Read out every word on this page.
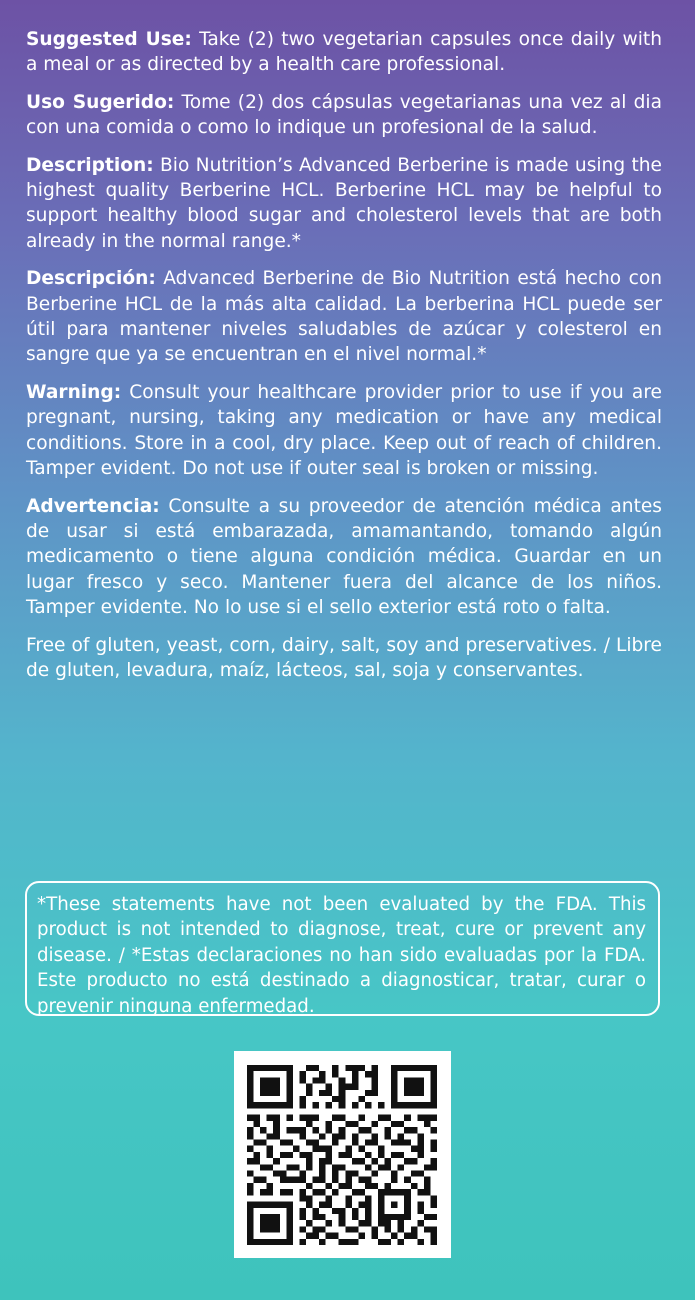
Suggested Use: Take (2) two vegetarian capsules once daily with a meal or as directed by a health care professional.

Uso Sugerido: Tome (2) dos cápsulas vegetarianas una vez al dia con una comida o como lo indique un profesional de la salud.

Description: Bio Nutrition’s Advanced Berberine is made using the highest quality Berberine HCL. Berberine HCL may be helpful to support healthy blood sugar and cholesterol levels that are both already in the normal range.*

Descripción: Advanced Berberine de Bio Nutrition está hecho con Berberine HCL de la más alta calidad. La berberina HCL puede ser útil para mantener niveles saludables de azúcar y colesterol en sangre que ya se encuentran en el nivel normal.*

Warning: Consult your healthcare provider prior to use if you are pregnant, nursing, taking any medication or have any medical conditions. Store in a cool, dry place. Keep out of reach of children. Tamper evident. Do not use if outer seal is broken or missing.

Advertencia: Consulte a su proveedor de atención médica antes de usar si está embarazada, amamantando, tomando algún medicamento o tiene alguna condición médica. Guardar en un lugar fresco y seco. Mantener fuera del alcance de los niños. Tamper evidente. No lo use si el sello exterior está roto o falta.

Free of gluten, yeast, corn, dairy, salt, soy and preservatives. / Libre de gluten, levadura, maíz, lácteos, sal, soja y conservantes.

*These statements have not been evaluated by the FDA. This product is not intended to diagnose, treat, cure or prevent any disease. / *Estas declaraciones no han sido evaluadas por la FDA. Este producto no está destinado a diagnosticar, tratar, curar o prevenir ninguna enfermedad.
